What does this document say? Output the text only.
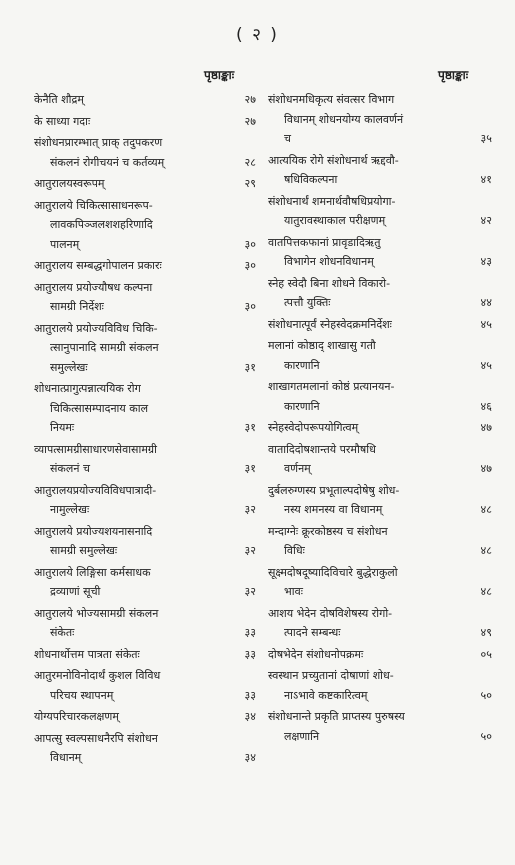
( २ )
पृष्ठाङ्काः	पृष्ठाङ्काः
केनैति शौद्रम्	२७
के साध्या गदाः	२७
संशोधनप्रारम्भात् प्राक् तदुपकरण
संकलनं रोगीचयनं च कर्तव्यम्	२८
आतुरालयस्वरूपम्	२९
आतुरालये चिकित्सासाधनरूप-
लावकपिञ्जलशशहरिणादि
पालनम्	३०
आतुरालय सम्बद्धगोपालन प्रकारः	३०
आतुरालय प्रयोज्यौषध कल्पना
सामग्री निर्देशः	३०
आतुरालये प्रयोज्यविविध चिकि-
त्सानुपानादि सामग्री संकलन
समुल्लेखः	३१
शोधनात्प्रागुत्पन्नात्ययिक रोग
चिकित्सासम्पादनाय काल
नियमः	३१
व्यापत्सामग्रीसाधारणसेवासामग्री
संकलनं च	३१
आतुरालयप्रयोज्यविविधपात्रादी-
नामुल्लेखः	३२
आतुरालये प्रयोज्यशयनासनादि
सामग्री समुल्लेखः	३२
आतुरालये लिङ्गिसा कर्मसाधक
द्रव्याणां सूची	३२
आतुरालये भोज्यसामग्री संकलन
संकेतः	३३
शोधनार्थोत्तम पात्रता संकेतः	३३
आतुरमनोविनोदार्थं कुशल विविध
परिचय स्थापनम्	३३
योग्यपरिचारकलक्षणम्	३४
आपत्सु स्वल्पसाधनैरपि संशोधन
विधानम्	३४
संशोधनमधिकृत्य संवत्सर विभाग
विधानम् शोधनयोग्य कालवर्णनं
च	३५
आत्ययिक रोगे संशोधनार्थ ऋद्दवौ-
षधिविकल्पना	४१
संशोधनार्थं शमनार्थवौषधिप्रयोगा-
यातुरावस्थाकाल परीक्षणम्	४२
वातपित्तकफानां प्रावृडादिऋतु
विभागेन शोधनविधानम्	४३
स्नेह स्वेदौ बिना शोधने विकारो-
त्पत्तौ युक्तिः	४४
संशोधनात्पूर्वं स्नेहस्वेदक्रमनिर्देशः	४५
मलानां कोष्ठाद् शाखासु गतौ
कारणानि	४५
शाखागतमलानां कोष्ठं प्रत्यानयन-
कारणानि	४६
स्नेहस्वेदोपरूपयोगित्वम्	४७
वातादिदोषशान्तये परमौषधि
वर्णनम्	४७
दुर्बलरुग्णस्य प्रभूताल्पदोषेषु शोध-
नस्य शमनस्य वा विधानम्	४८
मन्दाग्नेः क्रूरकोष्ठस्य च संशोधन
विधिः	४८
सूक्ष्मदोषदूष्यादिविचारे बुद्धेराकुलो
भावः	४८
आशय भेदेन दोषविशेषस्य रोगो-
त्पादने सम्बन्धः	४९
दोषभेदेन संशोधनोपक्रमः	०५
स्वस्थान प्रच्युतानां दोषाणां शोध-
नाऽभावे कष्टकारित्वम्	५०
संशोधनान्ते प्रकृति प्राप्तस्य पुरुषस्य
लक्षणानि	५०
